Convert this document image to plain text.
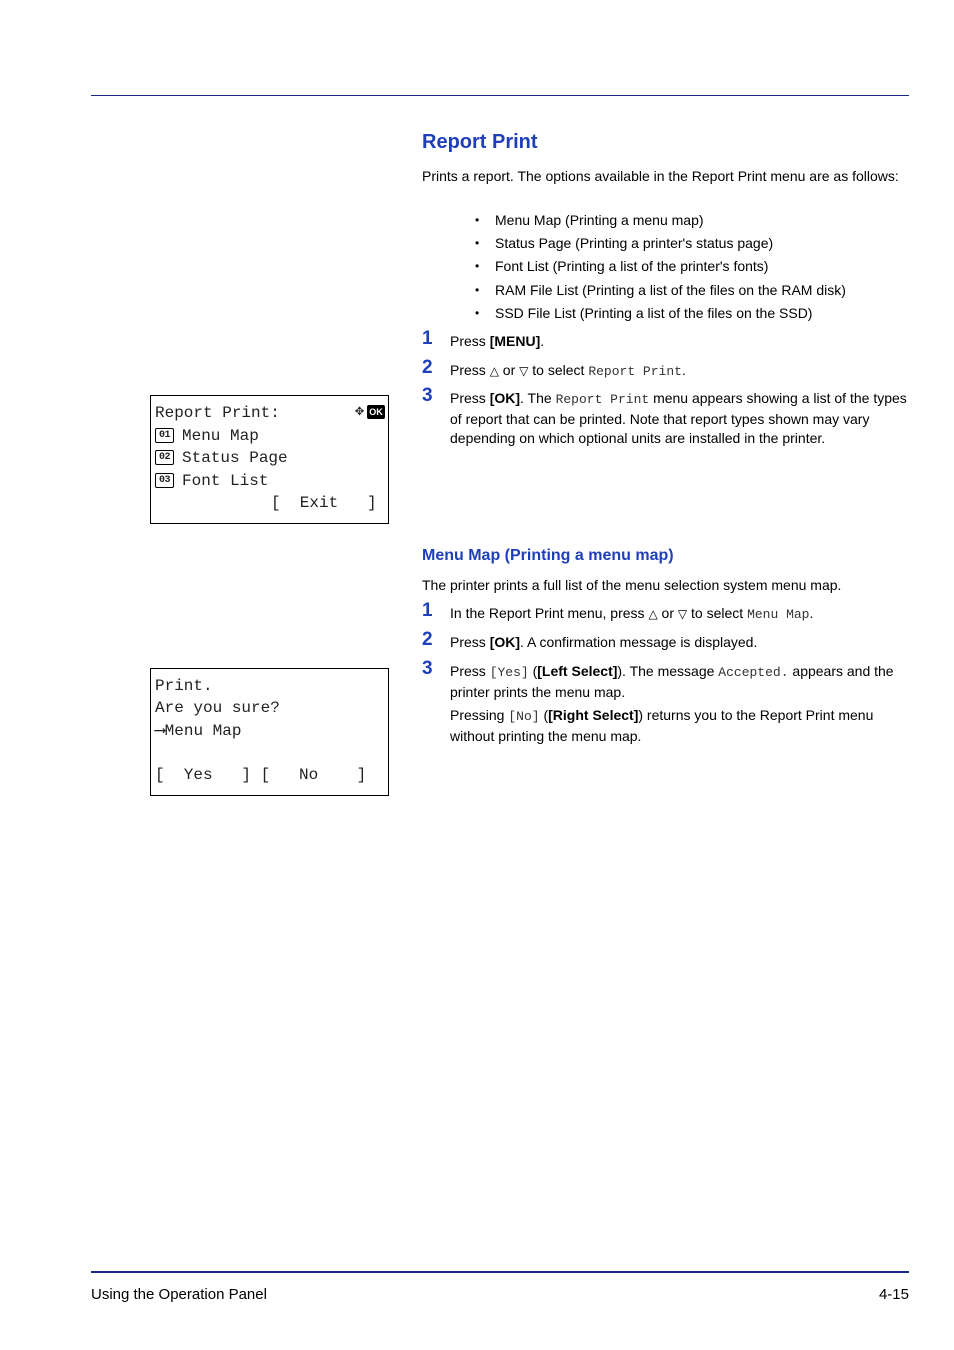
Report Print
Prints a report. The options available in the Report Print menu are as follows:
• Menu Map (Printing a menu map)
• Status Page (Printing a printer's status page)
• Font List (Printing a list of the printer's fonts)
• RAM File List (Printing a list of the files on the RAM disk)
• SSD File List (Printing a list of the files on the SSD)
1 Press [MENU].
2 Press △ or ▽ to select Report Print.
3 Press [OK]. The Report Print menu appears showing a list of the types of report that can be printed. Note that report types shown may vary depending on which optional units are installed in the printer.
Report Print:	✥ OK
01 Menu Map
02 Status Page
03 Font List
[  Exit   ]
Menu Map (Printing a menu map)
The printer prints a full list of the menu selection system menu map.
1 In the Report Print menu, press △ or ▽ to select Menu Map.
2 Press [OK]. A confirmation message is displayed.
3 Press [Yes] ([Left Select]). The message Accepted. appears and the printer prints the menu map.
Pressing [No] ([Right Select]) returns you to the Report Print menu without printing the menu map.
Print.
Are you sure?
⟶Menu Map
[  Yes   ] [   No    ]
Using the Operation Panel	4-15
